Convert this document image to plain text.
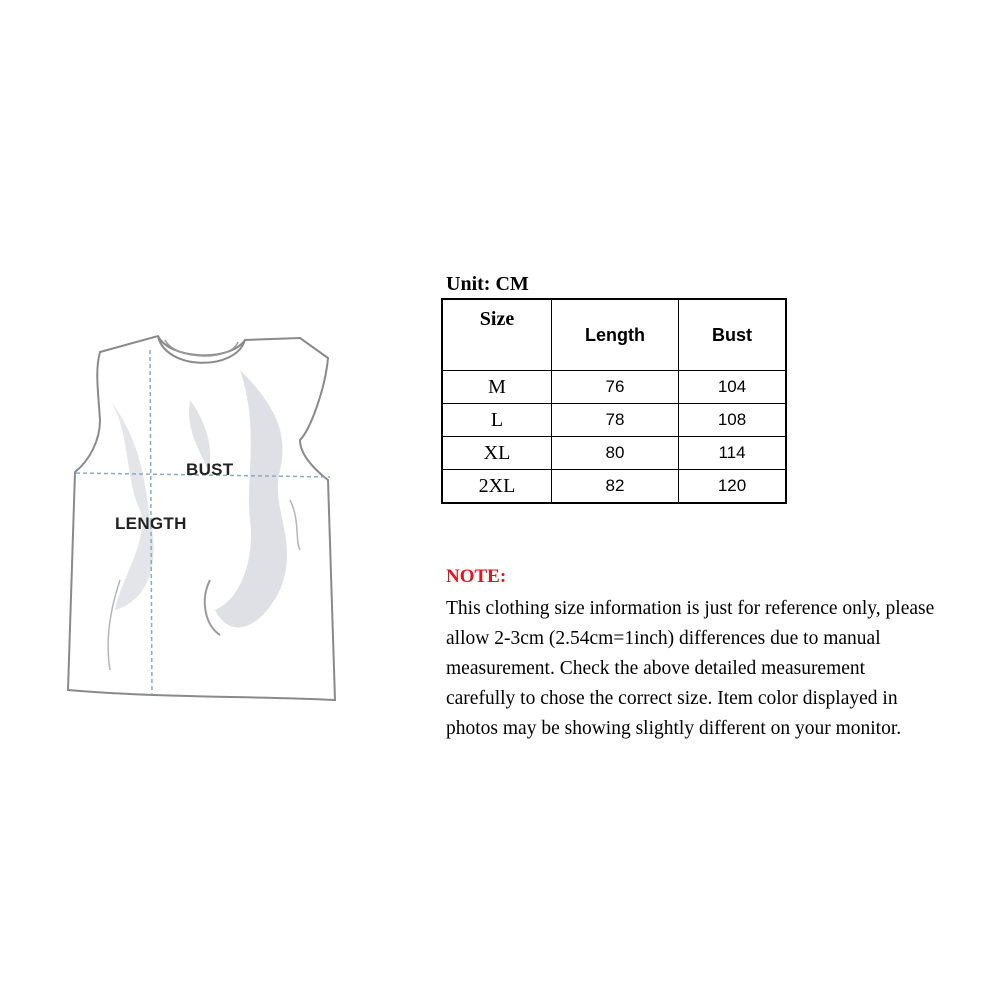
BUST
LENGTH
Unit: CM
Size	Length	Bust
M	76	104
L	78	108
XL	80	114
2XL	82	120
NOTE:
This clothing size information is just for reference only, please
allow 2-3cm (2.54cm=1inch) differences due to manual
measurement. Check the above detailed measurement
carefully to chose the correct size. Item color displayed in
photos may be showing slightly different on your monitor.
